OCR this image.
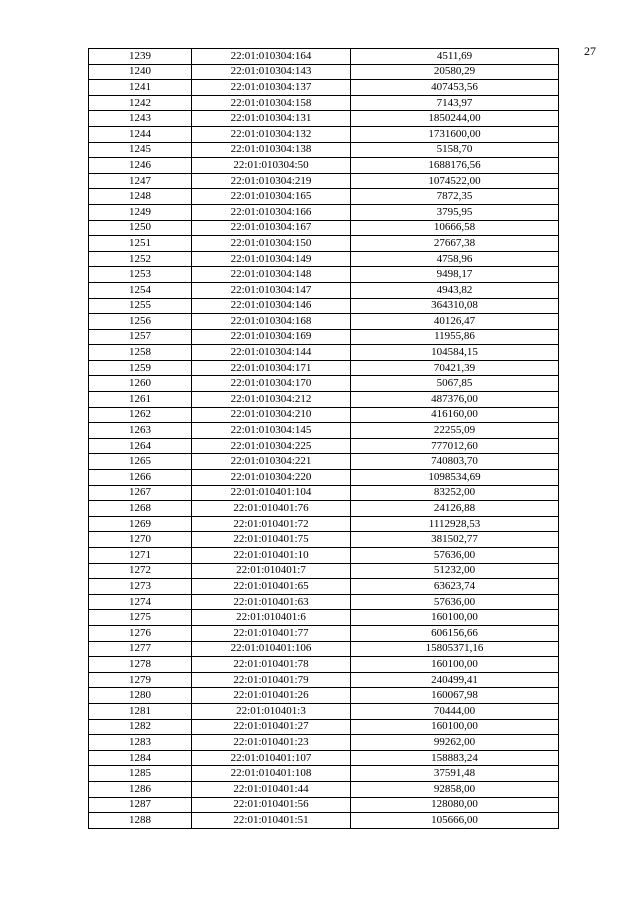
27
1239	22:01:010304:164	4511,69
1240	22:01:010304:143	20580,29
1241	22:01:010304:137	407453,56
1242	22:01:010304:158	7143,97
1243	22:01:010304:131	1850244,00
1244	22:01:010304:132	1731600,00
1245	22:01:010304:138	5158,70
1246	22:01:010304:50	1688176,56
1247	22:01:010304:219	1074522,00
1248	22:01:010304:165	7872,35
1249	22:01:010304:166	3795,95
1250	22:01:010304:167	10666,58
1251	22:01:010304:150	27667,38
1252	22:01:010304:149	4758,96
1253	22:01:010304:148	9498,17
1254	22:01:010304:147	4943,82
1255	22:01:010304:146	364310,08
1256	22:01:010304:168	40126,47
1257	22:01:010304:169	11955,86
1258	22:01:010304:144	104584,15
1259	22:01:010304:171	70421,39
1260	22:01:010304:170	5067,85
1261	22:01:010304:212	487376,00
1262	22:01:010304:210	416160,00
1263	22:01:010304:145	22255,09
1264	22:01:010304:225	777012,60
1265	22:01:010304:221	740803,70
1266	22:01:010304:220	1098534,69
1267	22:01:010401:104	83252,00
1268	22:01:010401:76	24126,88
1269	22:01:010401:72	1112928,53
1270	22:01:010401:75	381502,77
1271	22:01:010401:10	57636,00
1272	22:01:010401:7	51232,00
1273	22:01:010401:65	63623,74
1274	22:01:010401:63	57636,00
1275	22:01:010401:6	160100,00
1276	22:01:010401:77	606156,66
1277	22:01:010401:106	15805371,16
1278	22:01:010401:78	160100,00
1279	22:01:010401:79	240499,41
1280	22:01:010401:26	160067,98
1281	22:01:010401:3	70444,00
1282	22:01:010401:27	160100,00
1283	22:01:010401:23	99262,00
1284	22:01:010401:107	158883,24
1285	22:01:010401:108	37591,48
1286	22:01:010401:44	92858,00
1287	22:01:010401:56	128080,00
1288	22:01:010401:51	105666,00
